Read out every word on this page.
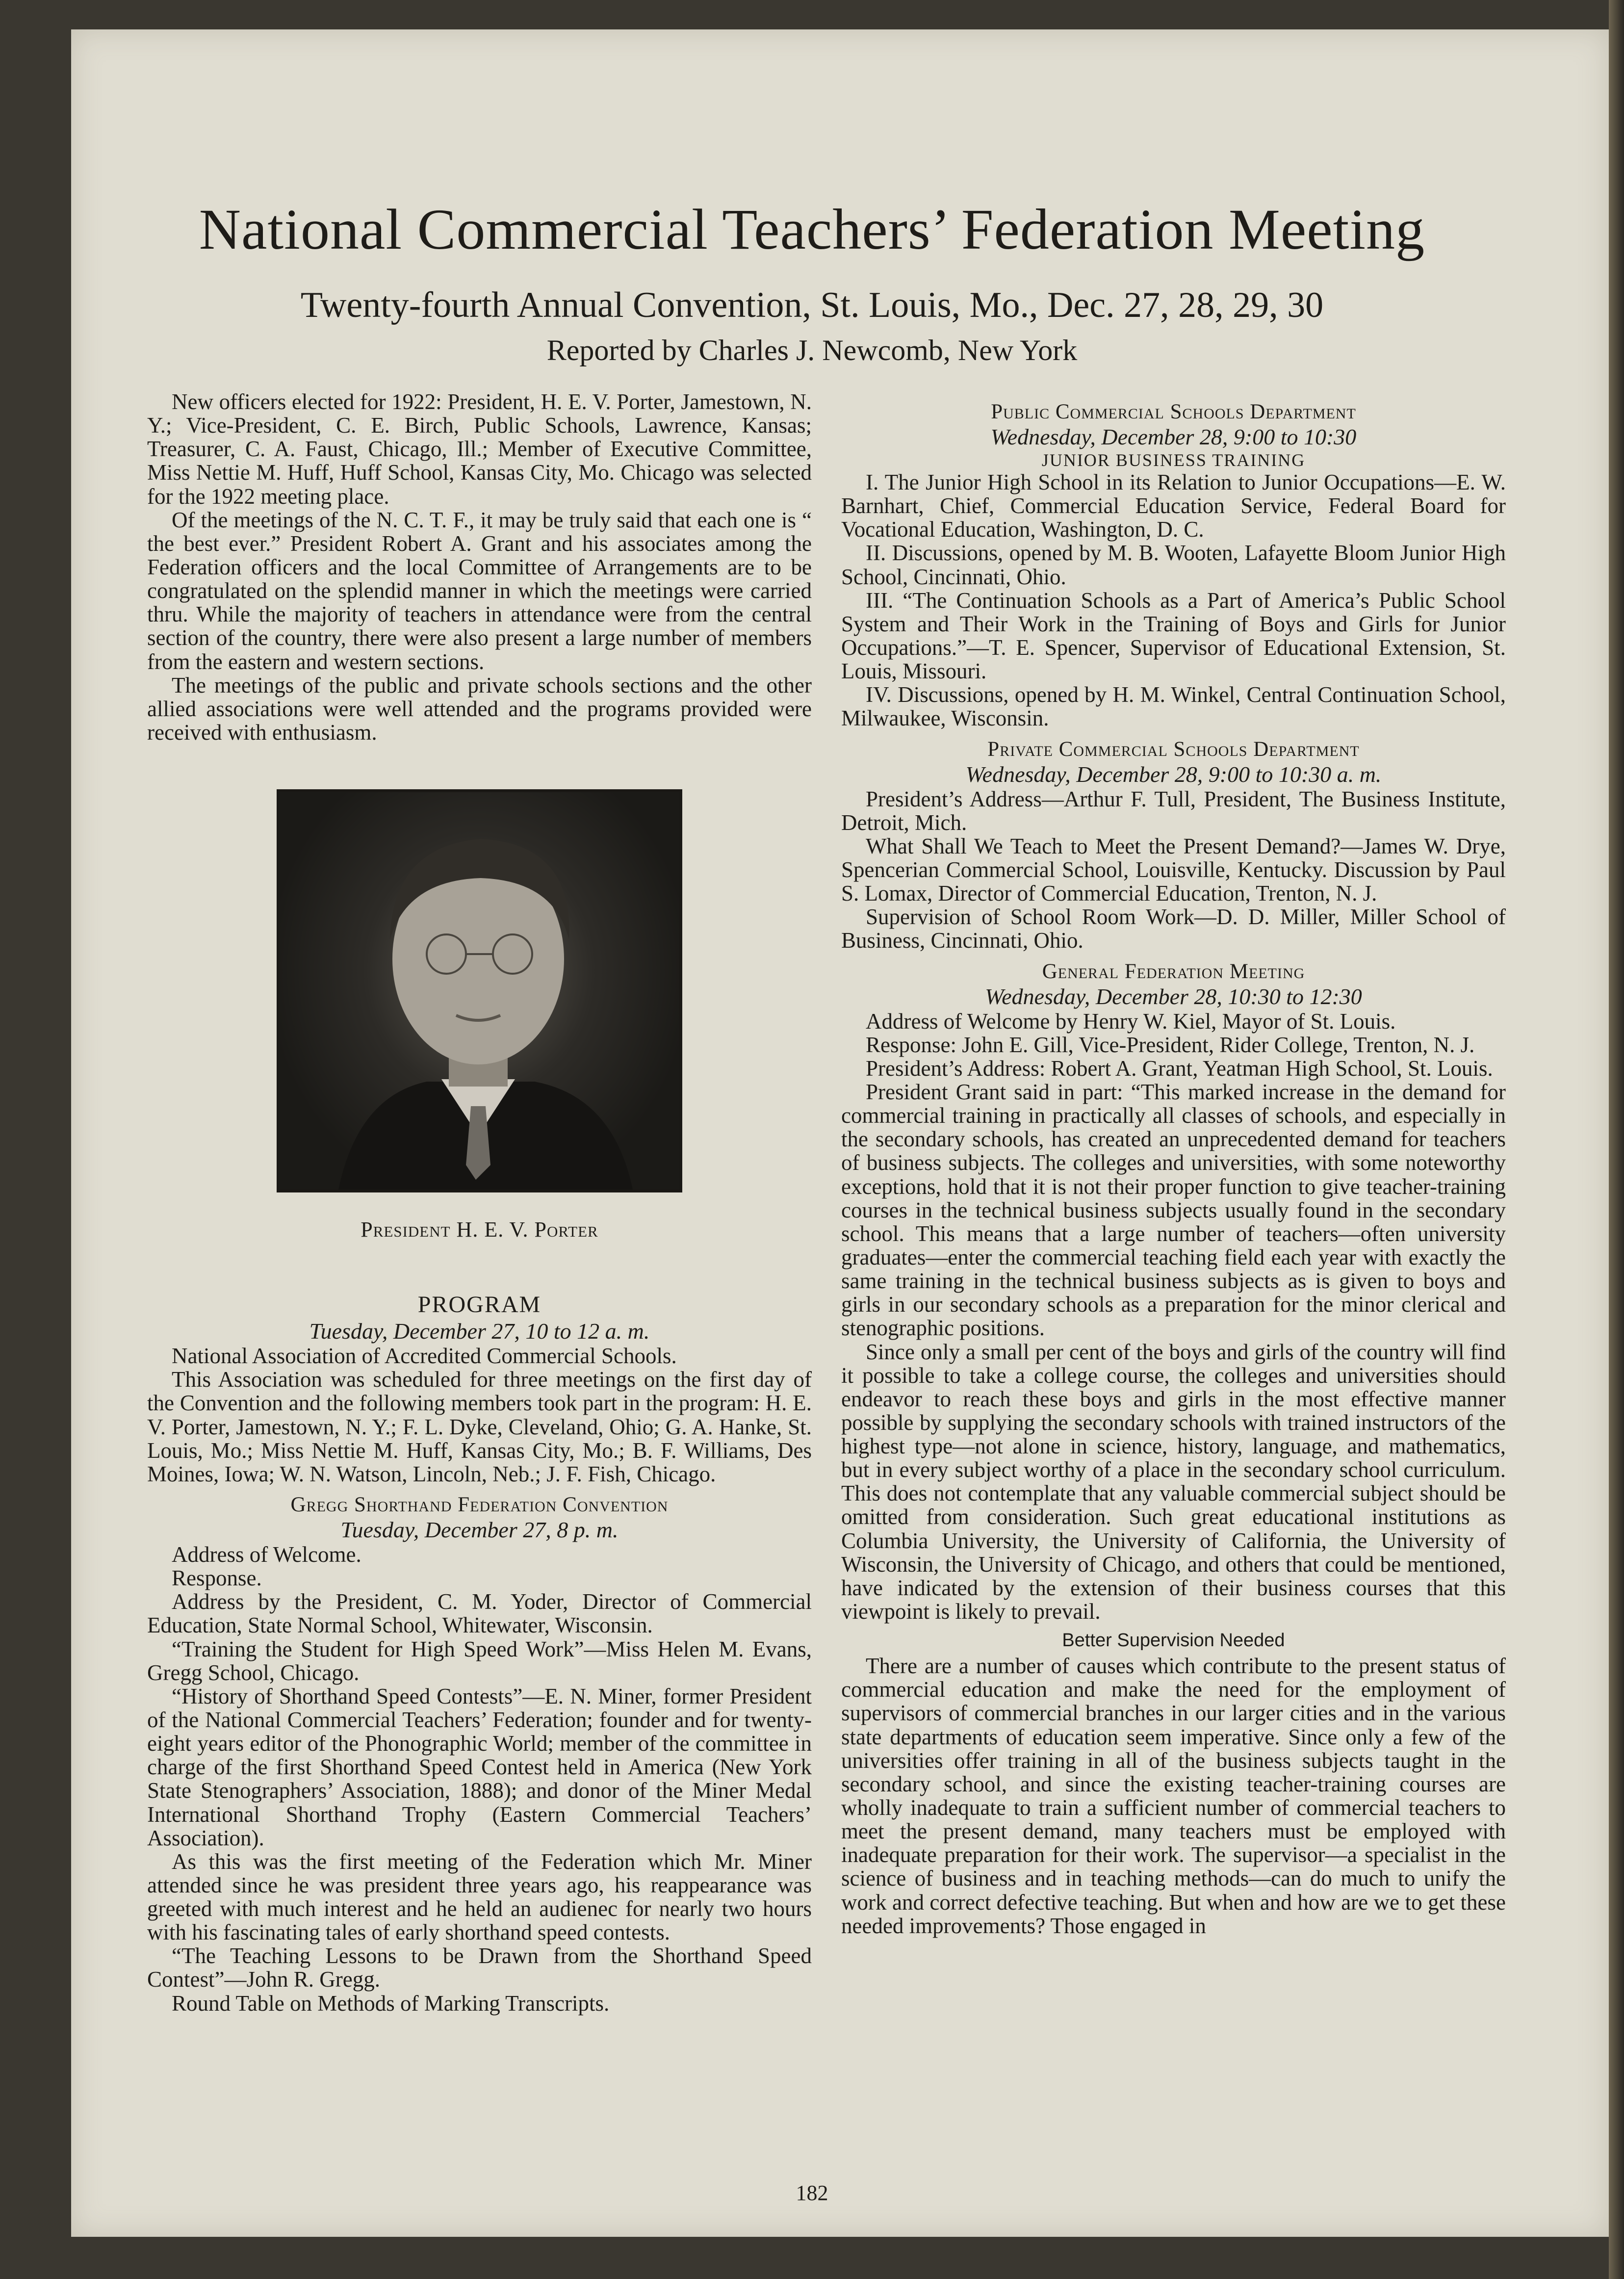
National Commercial Teachers’ Federation Meeting
Twenty-fourth Annual Convention, St. Louis, Mo., Dec. 27, 28, 29, 30
Reported by Charles J. Newcomb, New York

New officers elected for 1922: President, H. E. V. Porter, Jamestown, N. Y.; Vice-President, C. E. Birch, Public Schools, Lawrence, Kansas; Treasurer, C. A. Faust, Chicago, Ill.; Member of Executive Committee, Miss Nettie M. Huff, Huff School, Kansas City, Mo. Chicago was selected for the 1922 meeting place.

Of the meetings of the N. C. T. F., it may be truly said that each one is “ the best ever.” President Robert A. Grant and his associates among the Federation officers and the local Committee of Arrangements are to be congratulated on the splendid manner in which the meetings were carried thru. While the majority of teachers in attendance were from the central section of the country, there were also present a large number of members from the eastern and western sections.

The meetings of the public and private schools sections and the other allied associations were well attended and the programs provided were received with enthusiasm.

President H. E. V. Porter
PROGRAM
Tuesday, December 27, 10 to 12 a. m.

National Association of Accredited Commercial Schools.

This Association was scheduled for three meetings on the first day of the Convention and the following members took part in the program: H. E. V. Porter, Jamestown, N. Y.; F. L. Dyke, Cleveland, Ohio; G. A. Hanke, St. Louis, Mo.; Miss Nettie M. Huff, Kansas City, Mo.; B. F. Williams, Des Moines, Iowa; W. N. Watson, Lincoln, Neb.; J. F. Fish, Chicago.

Gregg Shorthand Federation Convention
Tuesday, December 27, 8 p. m.

Address of Welcome.

Response.

Address by the President, C. M. Yoder, Director of Commercial Education, State Normal School, Whitewater, Wisconsin.

“Training the Student for High Speed Work”—Miss Helen M. Evans, Gregg School, Chicago.

“History of Shorthand Speed Contests”—E. N. Miner, former President of the National Commercial Teachers’ Federation; founder and for twenty-eight years editor of the Phonographic World; member of the committee in charge of the first Shorthand Speed Contest held in America (New York State Stenographers’ Association, 1888); and donor of the Miner Medal International Shorthand Trophy (Eastern Commercial Teachers’ Association).

As this was the first meeting of the Federation which Mr. Miner attended since he was president three years ago, his reappearance was greeted with much interest and he held an audienec for nearly two hours with his fascinating tales of early shorthand speed contests.

“The Teaching Lessons to be Drawn from the Shorthand Speed Contest”—John R. Gregg.

Round Table on Methods of Marking Transcripts.

Public Commercial Schools Department
Wednesday, December 28, 9:00 to 10:30
JUNIOR BUSINESS TRAINING

I. The Junior High School in its Relation to Junior Occupations—E. W. Barnhart, Chief, Commercial Education Service, Federal Board for Vocational Education, Washington, D. C.

II. Discussions, opened by M. B. Wooten, Lafayette Bloom Junior High School, Cincinnati, Ohio.

III. “The Continuation Schools as a Part of America’s Public School System and Their Work in the Training of Boys and Girls for Junior Occupations.”—T. E. Spencer, Supervisor of Educational Extension, St. Louis, Missouri.

IV. Discussions, opened by H. M. Winkel, Central Continuation School, Milwaukee, Wisconsin.

Private Commercial Schools Department
Wednesday, December 28, 9:00 to 10:30 a. m.

President’s Address—Arthur F. Tull, President, The Business Institute, Detroit, Mich.

What Shall We Teach to Meet the Present Demand?—James W. Drye, Spencerian Commercial School, Louisville, Kentucky. Discussion by Paul S. Lomax, Director of Commercial Education, Trenton, N. J.

Supervision of School Room Work—D. D. Miller, Miller School of Business, Cincinnati, Ohio.

General Federation Meeting
Wednesday, December 28, 10:30 to 12:30

Address of Welcome by Henry W. Kiel, Mayor of St. Louis.

Response: John E. Gill, Vice-President, Rider College, Trenton, N. J.

President’s Address: Robert A. Grant, Yeatman High School, St. Louis.

President Grant said in part: “This marked increase in the demand for commercial training in practically all classes of schools, and especially in the secondary schools, has created an unprecedented demand for teachers of business subjects. The colleges and universities, with some noteworthy exceptions, hold that it is not their proper function to give teacher-training courses in the technical business subjects usually found in the secondary school. This means that a large number of teachers—often university graduates—enter the commercial teaching field each year with exactly the same training in the technical business subjects as is given to boys and girls in our secondary schools as a preparation for the minor clerical and stenographic positions.

Since only a small per cent of the boys and girls of the country will find it possible to take a college course, the colleges and universities should endeavor to reach these boys and girls in the most effective manner possible by supplying the secondary schools with trained instructors of the highest type—not alone in science, history, language, and mathematics, but in every subject worthy of a place in the secondary school curriculum. This does not contemplate that any valuable commercial subject should be omitted from consideration. Such great educational institutions as Columbia University, the University of California, the University of Wisconsin, the University of Chicago, and others that could be mentioned, have indicated by the extension of their business courses that this viewpoint is likely to prevail.

Better Supervision Needed

There are a number of causes which contribute to the present status of commercial education and make the need for the employment of supervisors of commercial branches in our larger cities and in the various state departments of education seem imperative. Since only a few of the universities offer training in all of the business subjects taught in the secondary school, and since the existing teacher-training courses are wholly inadequate to train a sufficient number of commercial teachers to meet the present demand, many teachers must be employed with inadequate preparation for their work. The supervisor—a specialist in the science of business and in teaching methods—can do much to unify the work and correct defective teaching. But when and how are we to get these needed improvements? Those engaged in

182
